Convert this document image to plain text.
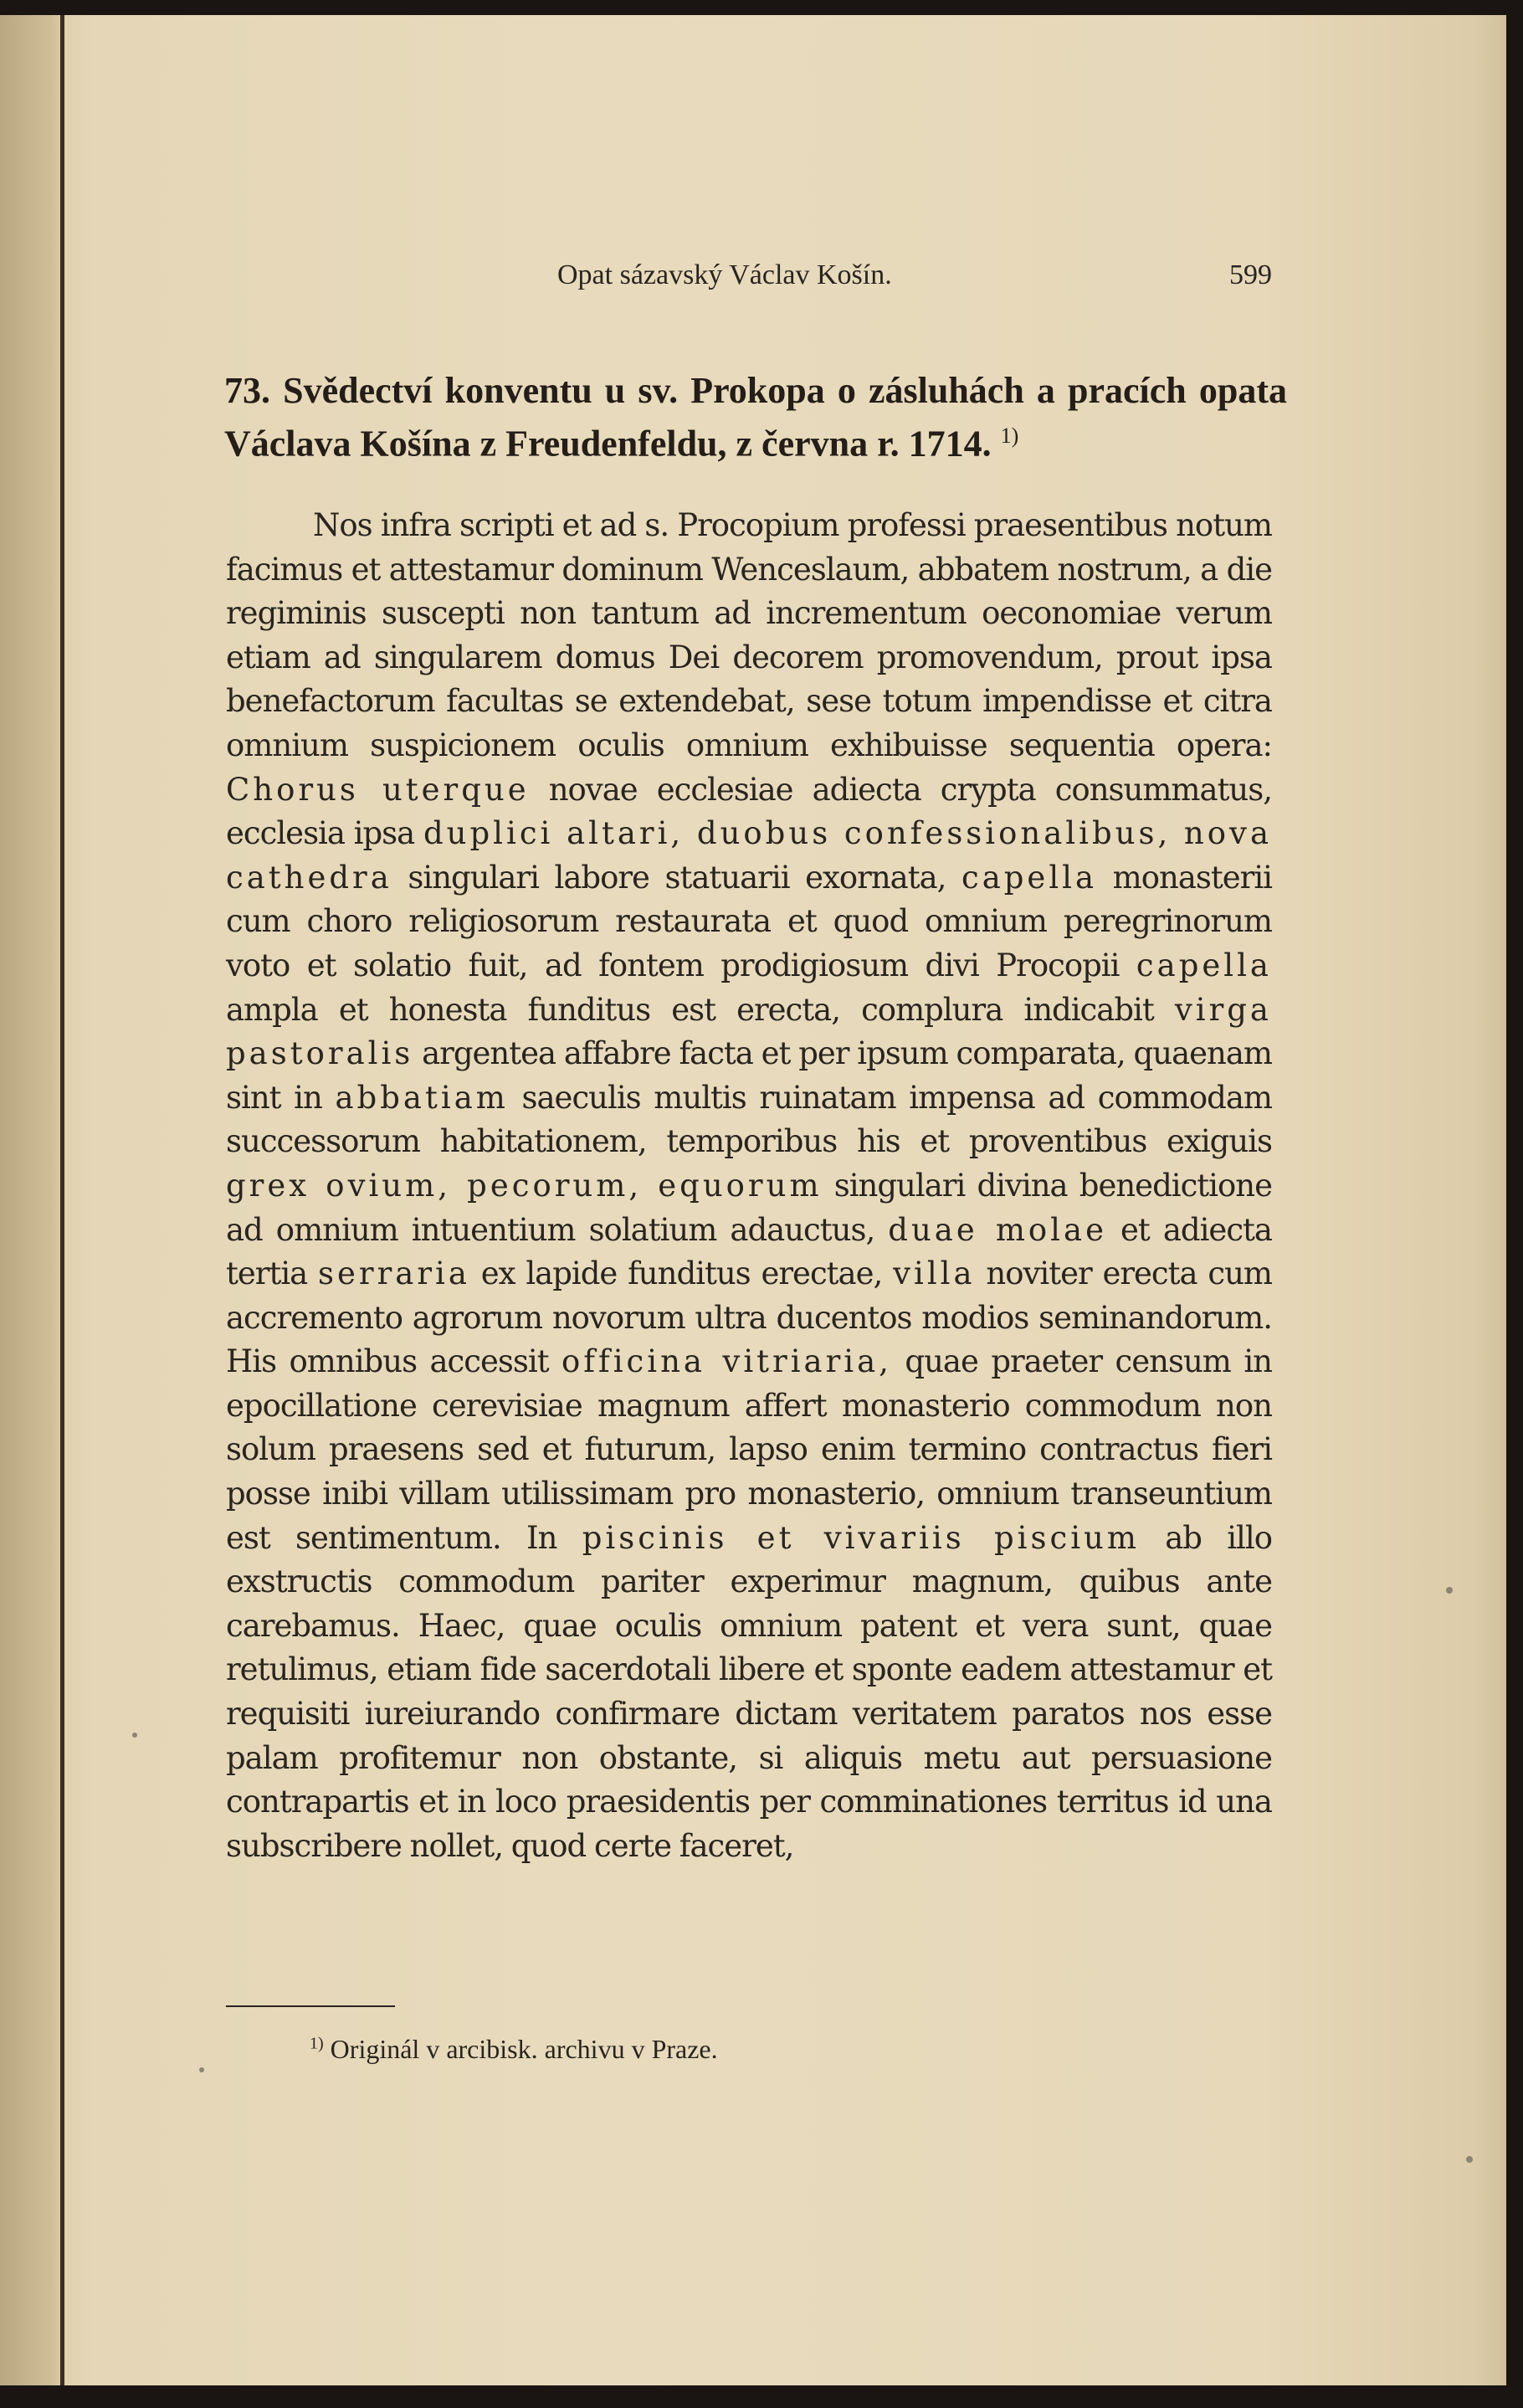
Opat sázavský Václav Košín.	599
73. Svědectví konventu u sv. Prokopa o zásluhách a pracích opata Václava Košína z Freudenfeldu, z června r. 1714. $^{1)}$
Nos infra scripti et ad s. Procopium professi praesentibus notum facimus et attestamur dominum Wenceslaum, abbatem nostrum, a die regiminis suscepti non tantum ad incrementum oeconomiae verum etiam ad singularem domus Dei decorem promovendum, prout ipsa benefactorum facultas se extendebat, sese totum impendisse et citra omnium suspicionem oculis omnium exhibuisse sequentia opera: Chorus uterque novae ecclesiae adiecta crypta consummatus, ecclesia ipsa duplici altari, duobus confessionalibus, nova cathedra singulari labore statuarii exornata, capella monasterii cum choro religiosorum restaurata et quod omnium peregrinorum voto et solatio fuit, ad fontem prodigiosum divi Procopii capella ampla et honesta funditus est erecta, complura indicabit virga pastoralis argentea affabre facta et per ipsum comparata, quaenam sint in abbatiam saeculis multis ruinatam impensa ad commodam successorum habitationem, temporibus his et proventibus exiguis grex ovium, pecorum, equorum singulari divina benedictione ad omnium intuentium solatium adauctus, duae molae et adiecta tertia serraria ex lapide funditus erectae, villa noviter erecta cum accremento agrorum novorum ultra ducentos modios seminandorum. His omnibus accessit officina vitriaria, quae praeter censum in epocillatione cerevisiae magnum affert monasterio commodum non solum praesens sed et futurum, lapso enim termino contractus fieri posse inibi villam utilissimam pro monasterio, omnium transeuntium est sentimentum. In piscinis et vivariis piscium ab illo exstructis commodum pariter experimur magnum, quibus ante carebamus. Haec, quae oculis omnium patent et vera sunt, quae retulimus, etiam fide sacerdotali libere et sponte eadem attestamur et requisiti iureiurando confirmare dictam veritatem paratos nos esse palam profitemur non obstante, si aliquis metu aut persuasione contrapartis et in loco praesidentis per comminationes territus id una subscribere nollet, quod certe faceret,
$^{1)}$ Originál v arcibisk. archivu v Praze.
